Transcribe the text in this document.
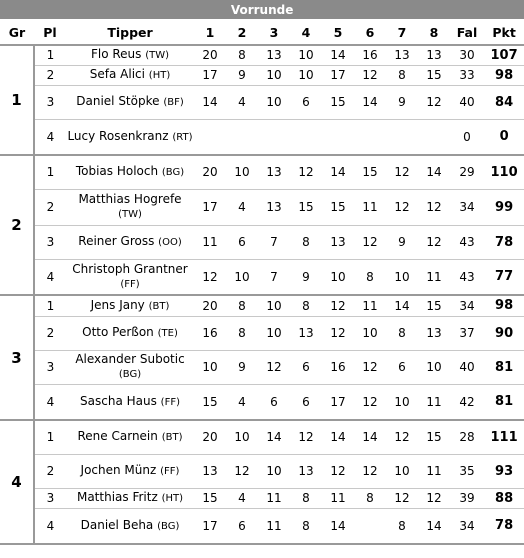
Vorrunde												
Gr	Pl	Tipper	1	2	3	4	5	6	7	8	Fal	Pkt
1	1	Flo Reus (TW)	20	8	13	10	14	16	13	13	30	107
	2	Sefa Alici (HT)	17	9	10	10	17	12	8	15	33	98
	3	Daniel Stöpke (BF)	14	4	10	6	15	14	9	12	40	84
	4	Lucy Rosenkranz (RT)									0	0
2	1	Tobias Holoch (BG)	20	10	13	12	14	15	12	14	29	110
	2	Matthias Hogrefe (TW)	17	4	13	15	15	11	12	12	34	99
	3	Reiner Gross (OO)	11	6	7	8	13	12	9	12	43	78
	4	Christoph Grantner (FF)	12	10	7	9	10	8	10	11	43	77
3	1	Jens Jany (BT)	20	8	10	8	12	11	14	15	34	98
	2	Otto Perßon (TE)	16	8	10	13	12	10	8	13	37	90
	3	Alexander Subotic (BG)	10	9	12	6	16	12	6	10	40	81
	4	Sascha Haus (FF)	15	4	6	6	17	12	10	11	42	81
4	1	Rene Carnein (BT)	20	10	14	12	14	14	12	15	28	111
	2	Jochen Münz (FF)	13	12	10	13	12	12	10	11	35	93
	3	Matthias Fritz (HT)	15	4	11	8	11	8	12	12	39	88
	4	Daniel Beha (BG)	17	6	11	8	14		8	14	34	78
